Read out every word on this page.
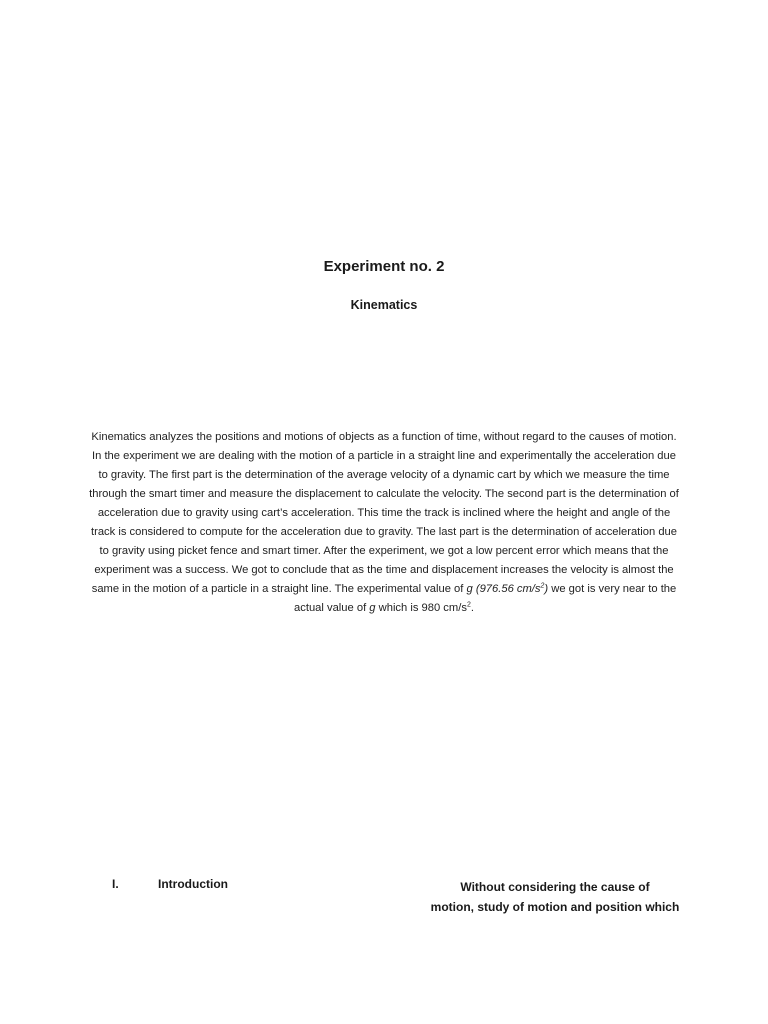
Experiment no. 2
Kinematics
Kinematics analyzes the positions and motions of objects as a function of time, without regard to the causes of motion. In the experiment we are dealing with the motion of a particle in a straight line and experimentally the acceleration due to gravity. The first part is the determination of the average velocity of a dynamic cart by which we measure the time through the smart timer and measure the displacement to calculate the velocity. The second part is the determination of acceleration due to gravity using cart’s acceleration. This time the track is inclined where the height and angle of the track is considered to compute for the acceleration due to gravity. The last part is the determination of acceleration due to gravity using picket fence and smart timer. After the experiment, we got a low percent error which means that the experiment was a success. We got to conclude that as the time and displacement increases the velocity is almost the same in the motion of a particle in a straight line. The experimental value of g (976.56 $cm/s^2$) we got is very near to the actual value of g which is 980 $cm/s^2$.
I.	Introduction	Without considering the cause of
motion, study of motion and position which
